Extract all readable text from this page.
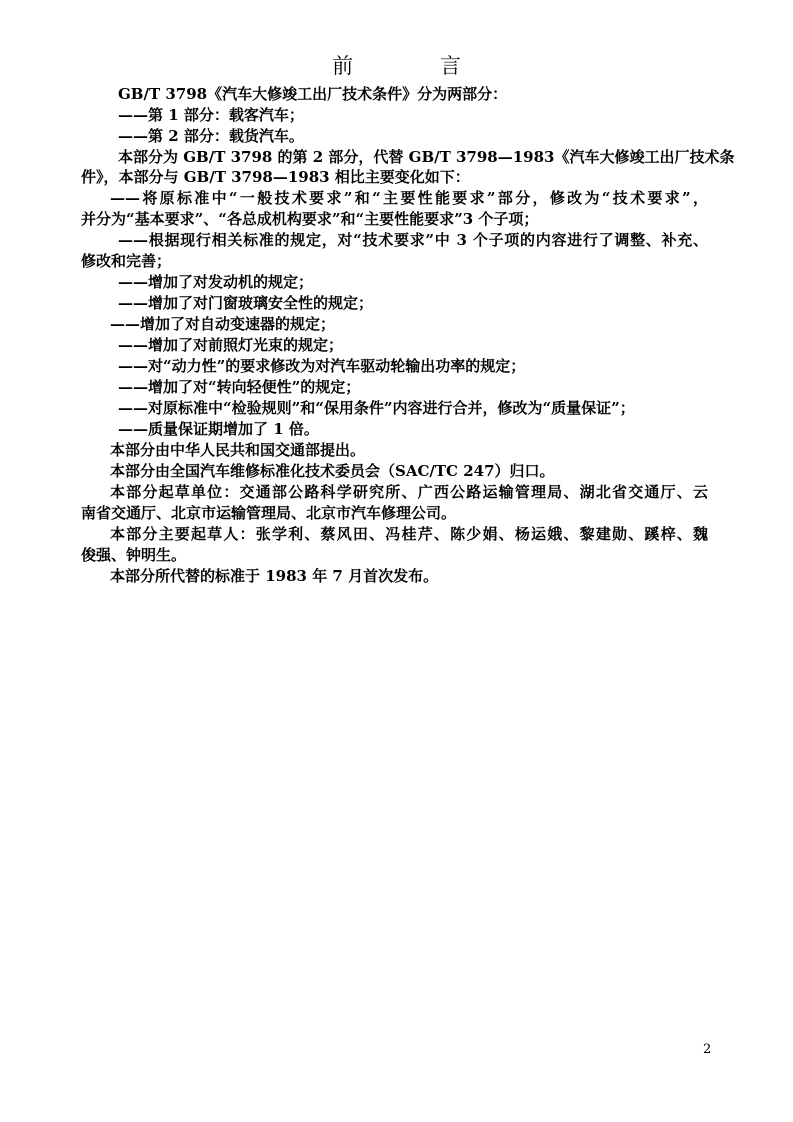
前 言
GB/T 3798《汽车大修竣工出厂技术条件》分为两部分：
——第 1 部分：载客汽车；
——第 2 部分：载货汽车。
本部分为 GB/T 3798 的第 2 部分，代替 GB/T 3798—1983《汽车大修竣工出厂技术条
件》，本部分与 GB/T 3798—1983 相比主要变化如下：
——将原标准中“一般技术要求”和“主要性能要求”部分，修改为“技术要求”，
并分为“基本要求”、“各总成机构要求”和“主要性能要求”3 个子项；
——根据现行相关标准的规定，对“技术要求”中 3 个子项的内容进行了调整、补充、
修改和完善；
——增加了对发动机的规定；
——增加了对门窗玻璃安全性的规定；
——增加了对自动变速器的规定；
——增加了对前照灯光束的规定；
——对“动力性”的要求修改为对汽车驱动轮输出功率的规定；
——增加了对“转向轻便性”的规定；
——对原标准中“检验规则”和“保用条件”内容进行合并，修改为“质量保证”；
——质量保证期增加了 1 倍。
本部分由中华人民共和国交通部提出。
本部分由全国汽车维修标准化技术委员会（SAC/TC 247）归口。
本部分起草单位：交通部公路科学研究所、广西公路运输管理局、湖北省交通厅、云
南省交通厅、北京市运输管理局、北京市汽车修理公司。
本部分主要起草人：张学利、蔡风田、冯桂芹、陈少娟、杨运娥、黎建勋、蹊梓、魏
俊强、钟明生。
本部分所代替的标准于 1983 年 7 月首次发布。
2
